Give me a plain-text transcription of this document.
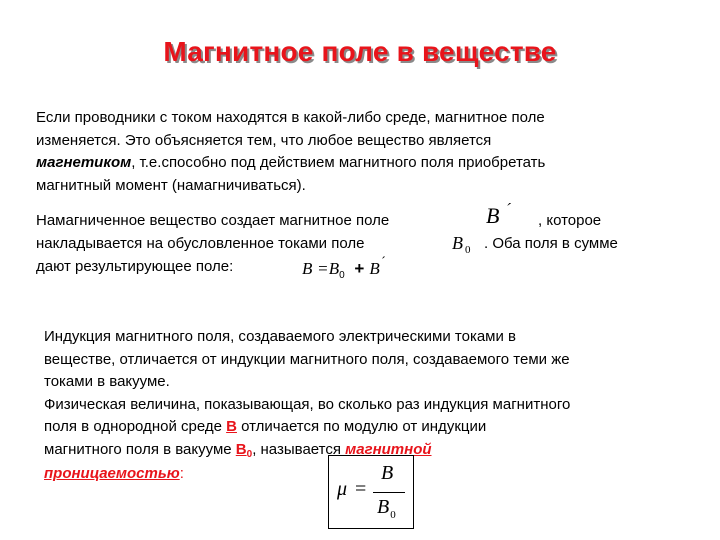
Магнитное поле в веществе
Если проводники с током находятся в какой-либо среде, магнитное поле
изменяется. Это объясняется тем, что любое вещество является
магнетиком, т.е.способно под действием магнитного поля приобретать
магнитный момент (намагничиваться).
Намагниченное вещество создает магнитное поле	B ´
, которое
накладывается на обусловленное токами поле	B $_0$ . Оба поля в сумме
дают результирующее поле:	$B =B_0 + B$ ´
Индукция магнитного поля, создаваемого электрическими токами в
веществе, отличается от индукции магнитного поля, создаваемого теми же
токами в вакууме.
Физическая величина, показывающая, во сколько раз индукция магнитного
поля в однородной среде B отличается по модулю от индукции
магнитного поля в вакууме $B_0$, называется магнитной
проницаемостью:
μ =
B
$B_0$
